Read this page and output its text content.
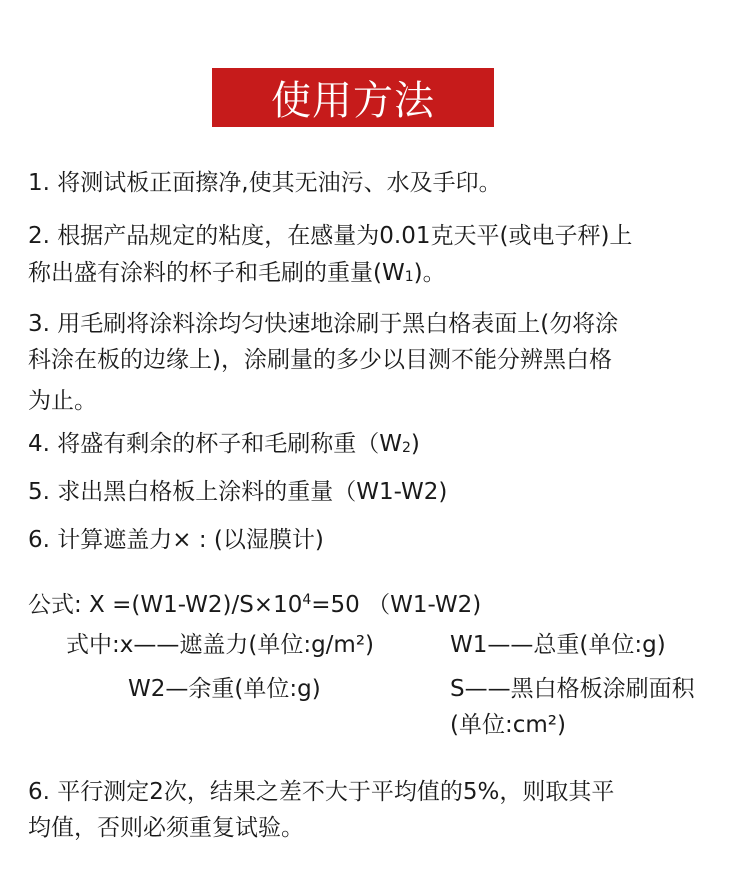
使用方法
1. 将测试板正面擦净,使其无油污、水及手印。
2. 根据产品规定的粘度，在感量为0.01克天平(或电子秤)上
称出盛有涂料的杯子和毛刷的重量$(W_1)$。
3. 用毛刷将涂料涂均匀快速地涂刷于黑白格表面上(勿将涂
科涂在板的边缘上)，涂刷量的多少以目测不能分辨黑白格
为止。
4. 将盛有剩余的杯子和毛刷称重$(W_2)$
5. 求出黑白格板上涂料的重量（W1-W2)
6. 计算遮盖力× : (以湿膜计)
公式: $X =(W1-W2)/S\times 10^4=50$ （W1-W2)
式中:x——遮盖力(单位:g/m²)	W1——总重(单位:g)
W2—余重(单位:g)	S——黑白格板涂刷面积
(单位:cm²)
6. 平行测定2次，结果之差不大于平均值的5%，则取其平
均值，否则必须重复试验。
